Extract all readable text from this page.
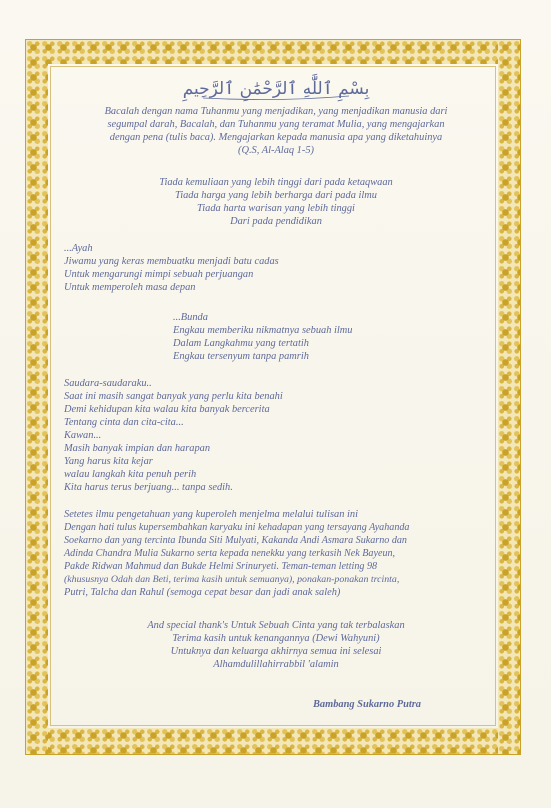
بِسْمِ ٱللَّٰهِ ٱلرَّحْمَٰنِ ٱلرَّحِيمِ
Bacalah dengan nama Tuhanmu yang menjadikan, yang menjadikan manusia dari
segumpal darah, Bacalah, dan Tuhanmu yang teramat Mulia, yang mengajarkan
dengan pena (tulis baca). Mengajarkan kepada manusia apa yang diketahuinya
(Q.S, Al-Alaq 1-5)
Tiada kemuliaan yang lebih tinggi dari pada ketaqwaan
Tiada harga yang lebih berharga dari pada ilmu
Tiada harta warisan yang lebih tinggi
Dari pada pendidikan
...Ayah
Jiwamu yang keras membuatku menjadi batu cadas
Untuk mengarungi mimpi sebuah perjuangan
Untuk memperoleh masa depan
...Bunda
Engkau memberiku nikmatnya sebuah ilmu
Dalam Langkahmu yang tertatih
Engkau tersenyum tanpa pamrih
Saudara-saudaraku..
Saat ini masih sangat banyak yang perlu kita benahi
Demi kehidupan kita walau kita banyak bercerita
Tentang cinta dan cita-cita...
Kawan...
Masih banyak impian dan harapan
Yang harus kita kejar
walau langkah kita penuh perih
Kita harus terus berjuang... tanpa sedih.
Setetes ilmu pengetahuan yang kuperoleh menjelma melalui tulisan ini
Dengan hati tulus kupersembahkan karyaku ini kehadapan yang tersayang Ayahanda
Soekarno dan yang tercinta Ibunda Siti Mulyati, Kakanda Andi Asmara Sukarno dan
Adinda Chandra Mulia Sukarno serta kepada nenekku yang terkasih Nek Bayeun,
Pakde Ridwan Mahmud dan Bukde Helmi Srinuryeti. Teman-teman letting 98
(khususnya Odah dan Beti, terima kasih untuk semuanya), ponakan-ponakan trcinta,
Putri, Talcha dan Rahul (semoga cepat besar dan jadi anak saleh)
And special thank's Untuk Sebuah Cinta yang tak terbalaskan
Terima kasih untuk kenangannya (Dewi Wahyuni)
Untuknya dan keluarga akhirnya semua ini selesai
Alhamdulillahirrabbil 'alamin
Bambang Sukarno Putra
